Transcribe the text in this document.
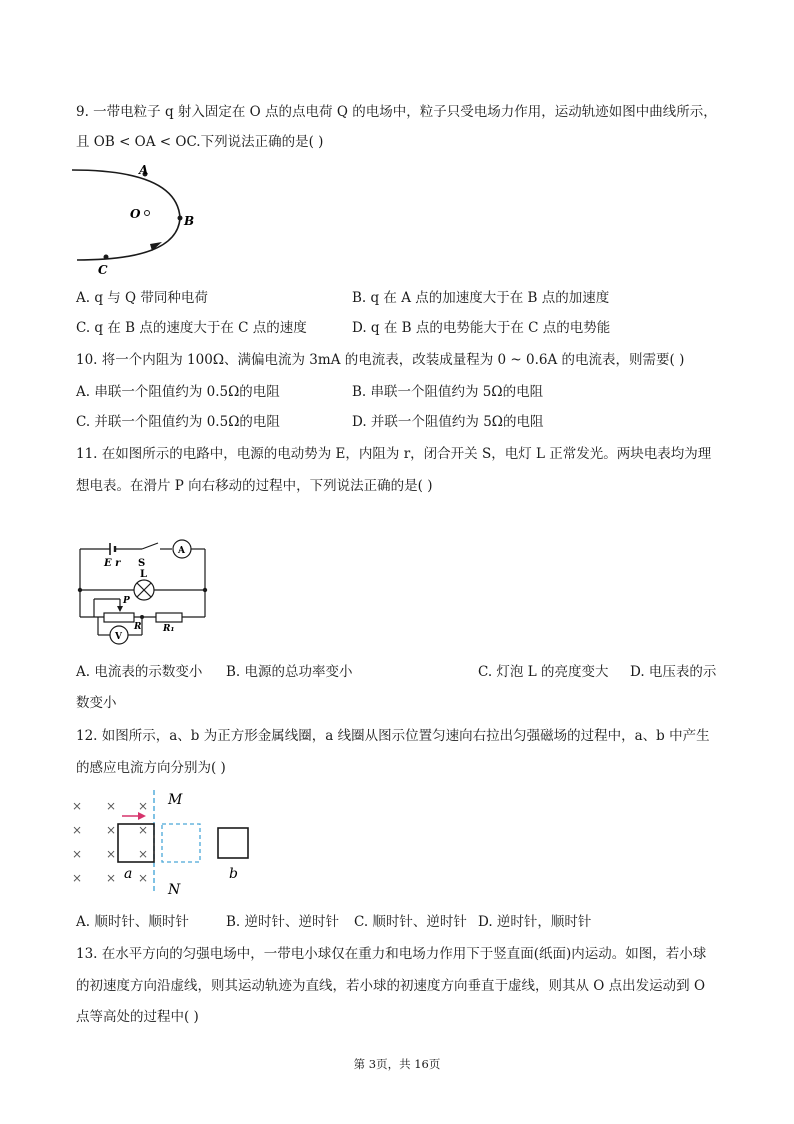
9. 一带电粒子 q 射入固定在 O 点的点电荷 Q 的电场中，粒子只受电场力作用，运动轨迹如图中曲线所示，
且 OB < OA < OC.下列说法正确的是( )
A
O	B
C
A. q 与 Q 带同种电荷	B. q 在 A 点的加速度大于在 B 点的加速度
C. q 在 B 点的速度大于在 C 点的速度	D. q 在 B 点的电势能大于在 C 点的电势能
10. 将一个内阻为 100Ω、满偏电流为 3mA 的电流表，改装成量程为 0 ~ 0.6A 的电流表，则需要( )
A. 串联一个阻值约为 0.5Ω的电阻	B. 串联一个阻值约为 5Ω的电阻
C. 并联一个阻值约为 0.5Ω的电阻	D. 并联一个阻值约为 5Ω的电阻
11. 在如图所示的电路中，电源的电动势为 E，内阻为 r，闭合开关 S，电灯 L 正常发光。两块电表均为理
想电表。在滑片 P 向右移动的过程中，下列说法正确的是( )
E r S
L
A
P
R R₁
V
A. 电流表的示数变小 B. 电源的总功率变小	C. 灯泡 L 的亮度变大 D. 电压表的示
数变小
12. 如图所示，a、b 为正方形金属线圈，a 线圈从图示位置匀速向右拉出匀强磁场的过程中，a、b 中产生
的感应电流方向分别为( )
× × ×
× × ×
× × ×
× × ×
M
N
a	b
A. 顺时针、顺时针	B. 逆时针、逆时针 C. 顺时针、逆时针 D. 逆时针，顺时针
13. 在水平方向的匀强电场中，一带电小球仅在重力和电场力作用下于竖直面(纸面)内运动。如图，若小球
的初速度方向沿虚线，则其运动轨迹为直线，若小球的初速度方向垂直于虚线，则其从 O 点出发运动到 O
点等高处的过程中( )
第 3页，共 16页
